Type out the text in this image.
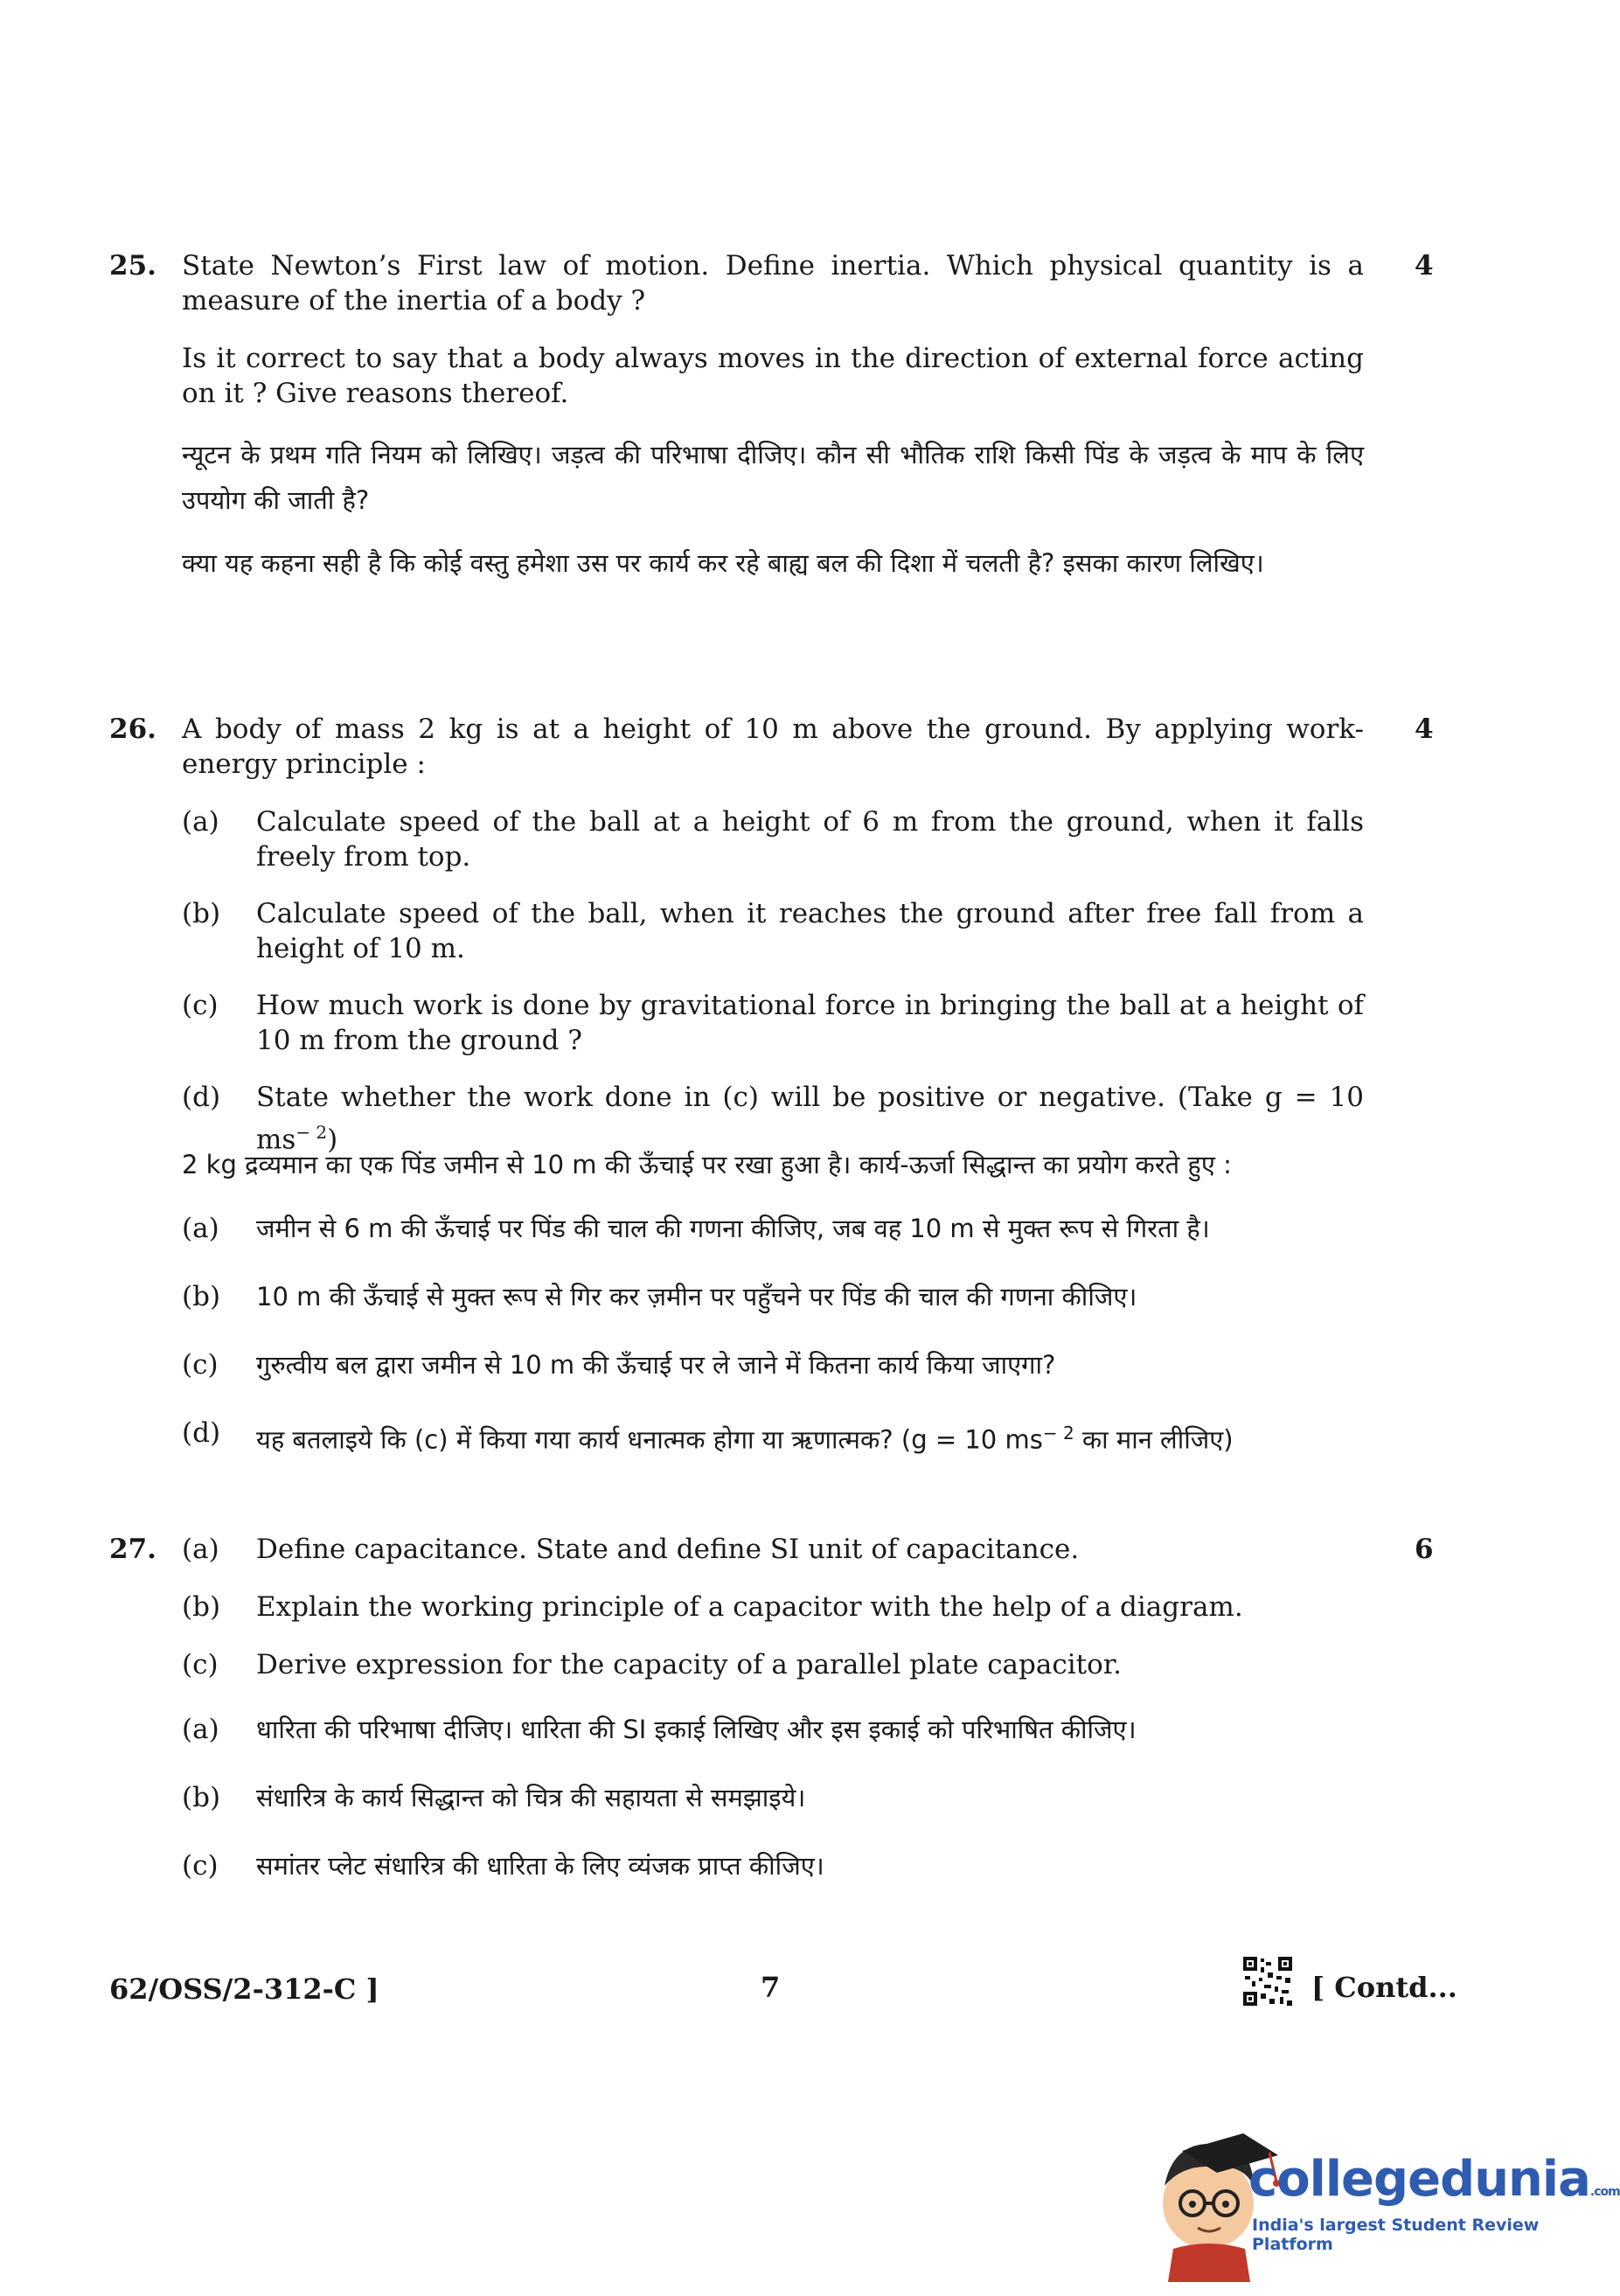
25.	4
State Newton’s First law of motion. Define inertia. Which physical quantity is a measure of the inertia of a body ?
Is it correct to say that a body always moves in the direction of external force acting on it ? Give reasons thereof.
न्यूटन के प्रथम गति नियम को लिखिए। जड़त्व की परिभाषा दीजिए। कौन सी भौतिक राशि किसी पिंड के जड़त्व के माप के लिए उपयोग की जाती है?
क्या यह कहना सही है कि कोई वस्तु हमेशा उस पर कार्य कर रहे बाह्य बल की दिशा में चलती है? इसका कारण लिखिए।
26.	4
A body of mass 2 kg is at a height of 10 m above the ground. By applying work-energy principle :
(a) Calculate speed of the ball at a height of 6 m from the ground, when it falls freely from top.
(b) Calculate speed of the ball, when it reaches the ground after free fall from a height of 10 m.
(c) How much work is done by gravitational force in bringing the ball at a height of 10 m from the ground ?
(d) State whether the work done in (c) will be positive or negative. (Take g = 10 $ms^{- 2}$)
2 kg द्रव्यमान का एक पिंड जमीन से 10 m की ऊँचाई पर रखा हुआ है। कार्य-ऊर्जा सिद्धान्त का प्रयोग करते हुए :
(a) जमीन से 6 m की ऊँचाई पर पिंड की चाल की गणना कीजिए, जब वह 10 m से मुक्त रूप से गिरता है।
(b) 10 m की ऊँचाई से मुक्त रूप से गिर कर ज़मीन पर पहुँचने पर पिंड की चाल की गणना कीजिए।
(c) गुरुत्वीय बल द्वारा जमीन से 10 m की ऊँचाई पर ले जाने में कितना कार्य किया जाएगा?
(d) यह बतलाइये कि (c) में किया गया कार्य धनात्मक होगा या ऋणात्मक? (g = 10 $ms^{- 2}$ का मान लीजिए)
27.	6
(a) Define capacitance. State and define SI unit of capacitance.
(b) Explain the working principle of a capacitor with the help of a diagram.
(c) Derive expression for the capacity of a parallel plate capacitor.
(a) धारिता की परिभाषा दीजिए। धारिता की SI इकाई लिखिए और इस इकाई को परिभाषित कीजिए।
(b) संधारित्र के कार्य सिद्धान्त को चित्र की सहायता से समझाइये।
(c) समांतर प्लेट संधारित्र की धारिता के लिए व्यंजक प्राप्त कीजिए।
62/OSS/2-312-C ]	7	[ Contd...
collegedunia.com
India's largest Student Review Platform
